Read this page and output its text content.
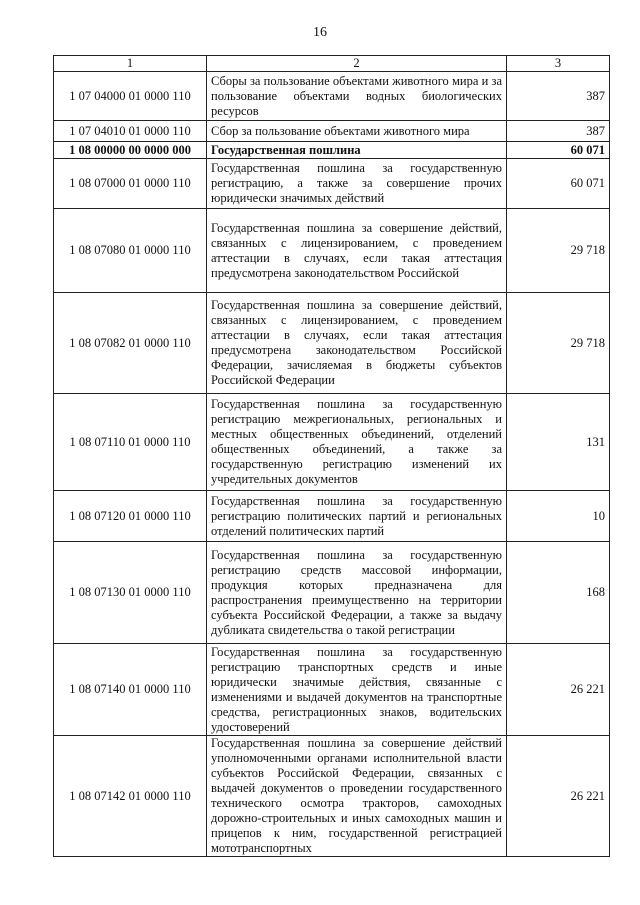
16
1	2	3
1 07 04000 01 0000 110	Сборы за пользование объектами животного мира и за пользование объектами водных биологических ресурсов	387
1 07 04010 01 0000 110	Сбор за пользование объектами животного мира	387
1 08 00000 00 0000 000	Государственная пошлина	60 071
1 08 07000 01 0000 110	Государственная пошлина за государственную регистрацию, а также за совершение прочих юридически значимых действий	60 071
1 08 07080 01 0000 110	Государственная пошлина за совершение действий, связанных с лицензированием, с проведением аттестации в случаях, если такая аттестация предусмотрена законодательством Российской	29 718
1 08 07082 01 0000 110	Государственная пошлина за совершение действий, связанных с лицензированием, с проведением аттестации в случаях, если такая аттестация предусмотрена законодательством Российской Федерации, зачисляемая в бюджеты субъектов Российской Федерации	29 718
1 08 07110 01 0000 110	Государственная пошлина за государственную регистрацию межрегиональных, региональных и местных общественных объединений, отделений общественных объединений, а также за государственную регистрацию изменений их учредительных документов	131
1 08 07120 01 0000 110	Государственная пошлина за государственную регистрацию политических партий и региональных отделений политических партий	10
1 08 07130 01 0000 110	Государственная пошлина за государственную регистрацию средств массовой информации, продукция которых предназначена для распространения преимущественно на территории субъекта Российской Федерации, а также за выдачу дубликата свидетельства о такой регистрации	168
1 08 07140 01 0000 110	Государственная пошлина за государственную регистрацию транспортных средств и иные юридически значимые действия, связанные с изменениями и выдачей документов на транспортные средства, регистрационных знаков, водительских удостоверений	26 221
1 08 07142 01 0000 110	Государственная пошлина за совершение действий уполномоченными органами исполнительной власти субъектов Российской Федерации, связанных с выдачей документов о проведении государственного технического осмотра тракторов, самоходных дорожно-строительных и иных самоходных машин и прицепов к ним, государственной регистрацией мототранспортных	26 221
